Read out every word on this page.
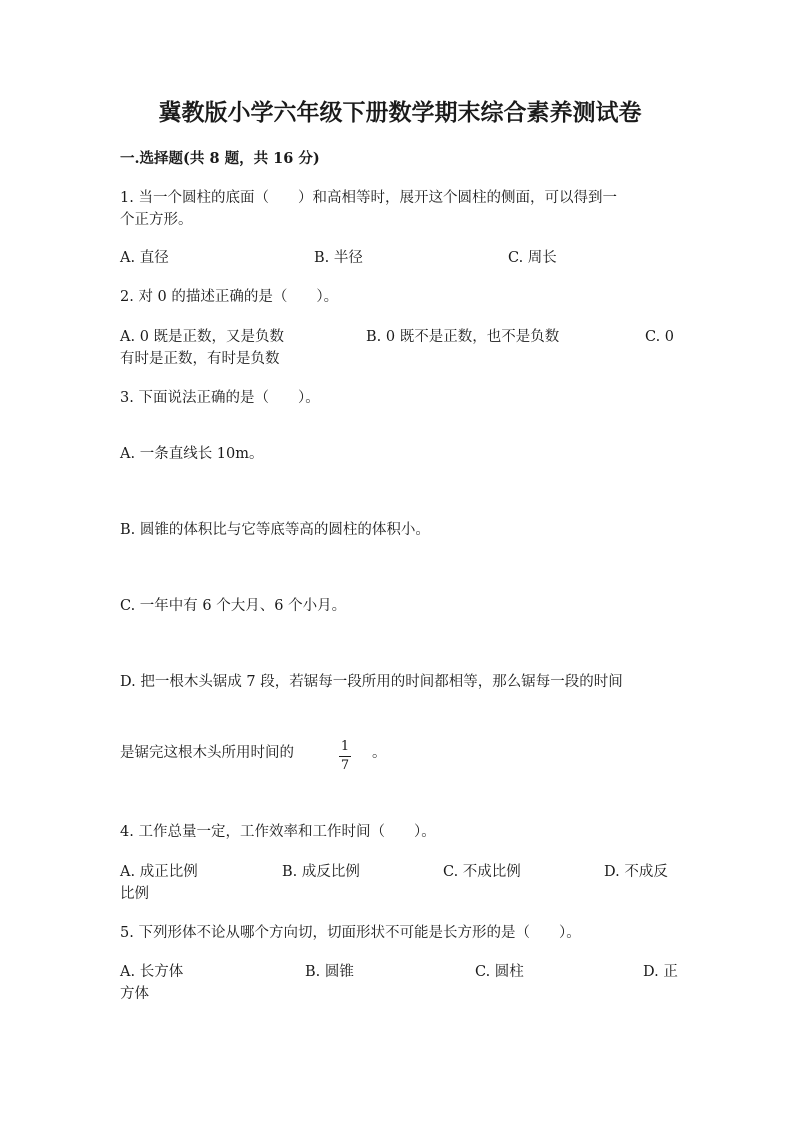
冀教版小学六年级下册数学期末综合素养测试卷
一.选择题(共 8 题，共 16 分)
1. 当一个圆柱的底面（　　）和高相等时，展开这个圆柱的侧面，可以得到一
个正方形。
A. 直径	B. 半径	C. 周长
2. 对 0 的描述正确的是（　　）。
A. 0 既是正数，又是负数	B. 0 既不是正数，也不是负数	C. 0
有时是正数，有时是负数
3. 下面说法正确的是（　　）。
A. 一条直线长 10m。
B. 圆锥的体积比与它等底等高的圆柱的体积小。
C. 一年中有 6 个大月、6 个小月。
D. 把一根木头锯成 7 段，若锯每一段所用的时间都相等，那么锯每一段的时间
是锯完这根木头所用时间的	1
7
。
4. 工作总量一定，工作效率和工作时间（　　）。
A. 成正比例	B. 成反比例	C. 不成比例	D. 不成反
比例
5. 下列形体不论从哪个方向切，切面形状不可能是长方形的是（　　）。
A. 长方体	B. 圆锥	C. 圆柱	D. 正
方体
